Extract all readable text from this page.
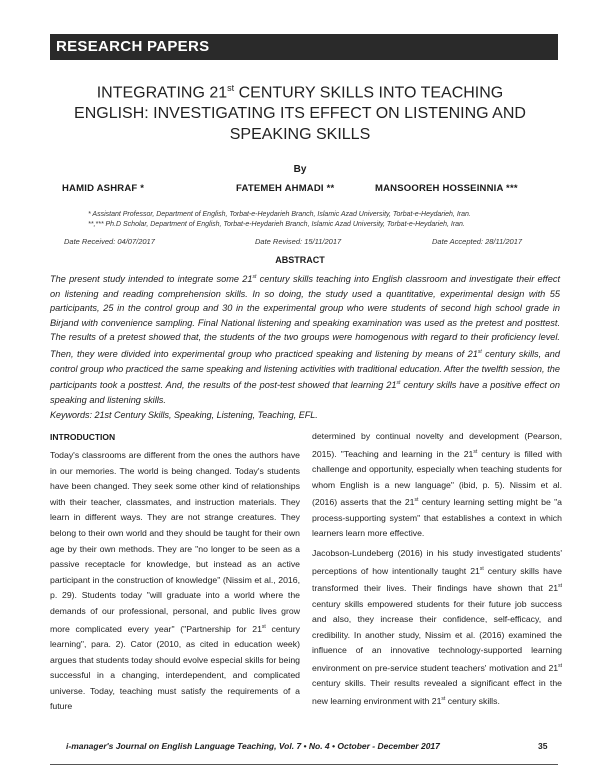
RESEARCH PAPERS
INTEGRATING 21st CENTURY SKILLS INTO TEACHING ENGLISH: INVESTIGATING ITS EFFECT ON LISTENING AND SPEAKING SKILLS
By
HAMID ASHRAF *	FATEMEH AHMADI **	MANSOOREH HOSSEINNIA ***
* Assistant Professor, Department of English, Torbat-e-Heydarieh Branch, Islamic Azad University, Torbat-e-Heydarieh, Iran.
**,*** Ph.D Scholar, Department of English, Torbat-e-Heydarieh Branch, Islamic Azad University, Torbat-e-Heydarieh, Iran.
Date Received: 04/07/2017	Date Revised: 15/11/2017	Date Accepted: 28/11/2017
ABSTRACT
The present study intended to integrate some 21st century skills teaching into English classroom and investigate their effect on listening and reading comprehension skills. In so doing, the study used a quantitative, experimental design with 55 participants, 25 in the control group and 30 in the experimental group who were students of second high school grade in Birjand with convenience sampling. Final National listening and speaking examination was used as the pretest and posttest. The results of a pretest showed that, the students of the two groups were homogenous with regard to their proficiency level. Then, they were divided into experimental group who practiced speaking and listening by means of 21st century skills, and control group who practiced the same speaking and listening activities with traditional education. After the twelfth session, the participants took a posttest. And, the results of the post-test showed that learning 21st century skills have a positive effect on speaking and listening skills.
Keywords: 21st Century Skills, Speaking, Listening, Teaching, EFL.
INTRODUCTION

Today's classrooms are different from the ones the authors have in our memories. The world is being changed. Today's students have been changed. They seek some other kind of relationships with their teacher, classmates, and instruction materials. They learn in different ways. They are not strange creatures. They belong to their own world and they should be taught for their own age by their own methods. They are "no longer to be seen as a passive receptacle for knowledge, but instead as an active participant in the construction of knowledge" (Nissim et al., 2016, p. 29). Students today "will graduate into a world where the demands of our professional, personal, and public lives grow more complicated every year" ("Partnership for 21st century learning", para. 2). Cator (2010, as cited in education week) argues that students today should evolve especial skills for being successful in a changing, interdependent, and complicated universe. Today, teaching must satisfy the requirements of a future

determined by continual novelty and development (Pearson, 2015). "Teaching and learning in the 21st century is filled with challenge and opportunity, especially when teaching students for whom English is a new language" (ibid, p. 5). Nissim et al. (2016) asserts that the 21st century learning setting might be "a process-supporting system" that establishes a context in which learners learn more effective.

Jacobson-Lundeberg (2016) in his study investigated students' perceptions of how intentionally taught 21st century skills have transformed their lives. Their findings have shown that 21st century skills empowered students for their future job success and also, they increase their confidence, self-efficacy, and credibility. In another study, Nissim et al. (2016) examined the influence of an innovative technology-supported learning environment on pre-service student teachers' motivation and 21st century skills. Their results revealed a significant effect in the new learning environment with 21st century skills.

i-manager's Journal on English Language Teaching, Vol. 7 • No. 4 • October - December 2017	35
